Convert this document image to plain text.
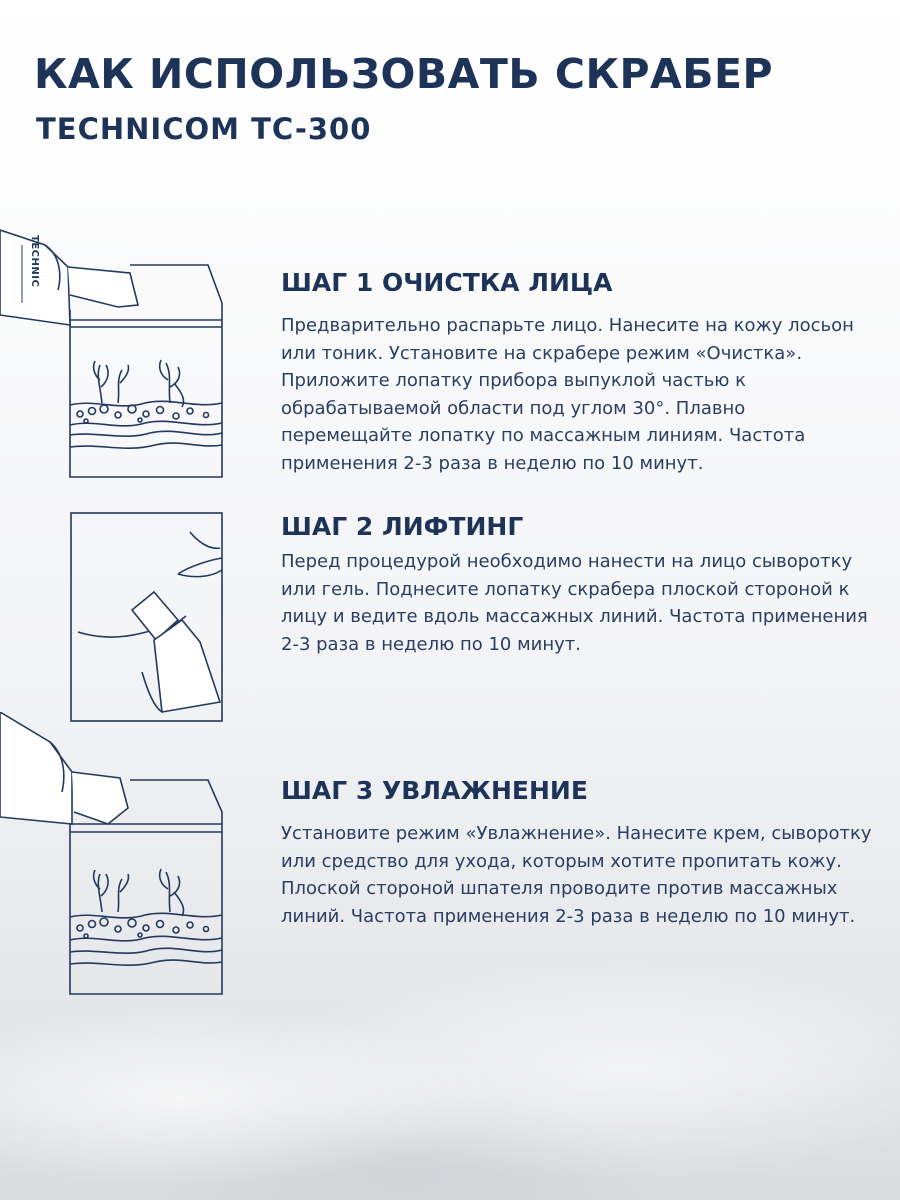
КАК ИСПОЛЬЗОВАТЬ СКРАБЕР
TECHNICOM TC-300
TECHNIC	ШАГ 1 ОЧИСТКА ЛИЦА

Предварительно распарьте лицо. Нанесите на кожу лосьон или тоник. Установите на скрабере режим «Очистка». Приложите лопатку прибора выпуклой частью к обрабатываемой области под углом 30°. Плавно перемещайте лопатку по массажным линиям. Частота применения 2-3 раза в неделю по 10 минут.

ШАГ 2 ЛИФТИНГ

Перед процедурой необходимо нанести на лицо сыворотку или гель. Поднесите лопатку скрабера плоской стороной к лицу и ведите вдоль массажных линий. Частота применения 2-3 раза в неделю по 10 минут.

ШАГ 3 УВЛАЖНЕНИЕ

Установите режим «Увлажнение». Нанесите крем, сыворотку или средство для ухода, которым хотите пропитать кожу. Плоской стороной шпателя проводите против массажных линий. Частота применения 2-3 раза в неделю по 10 минут.
